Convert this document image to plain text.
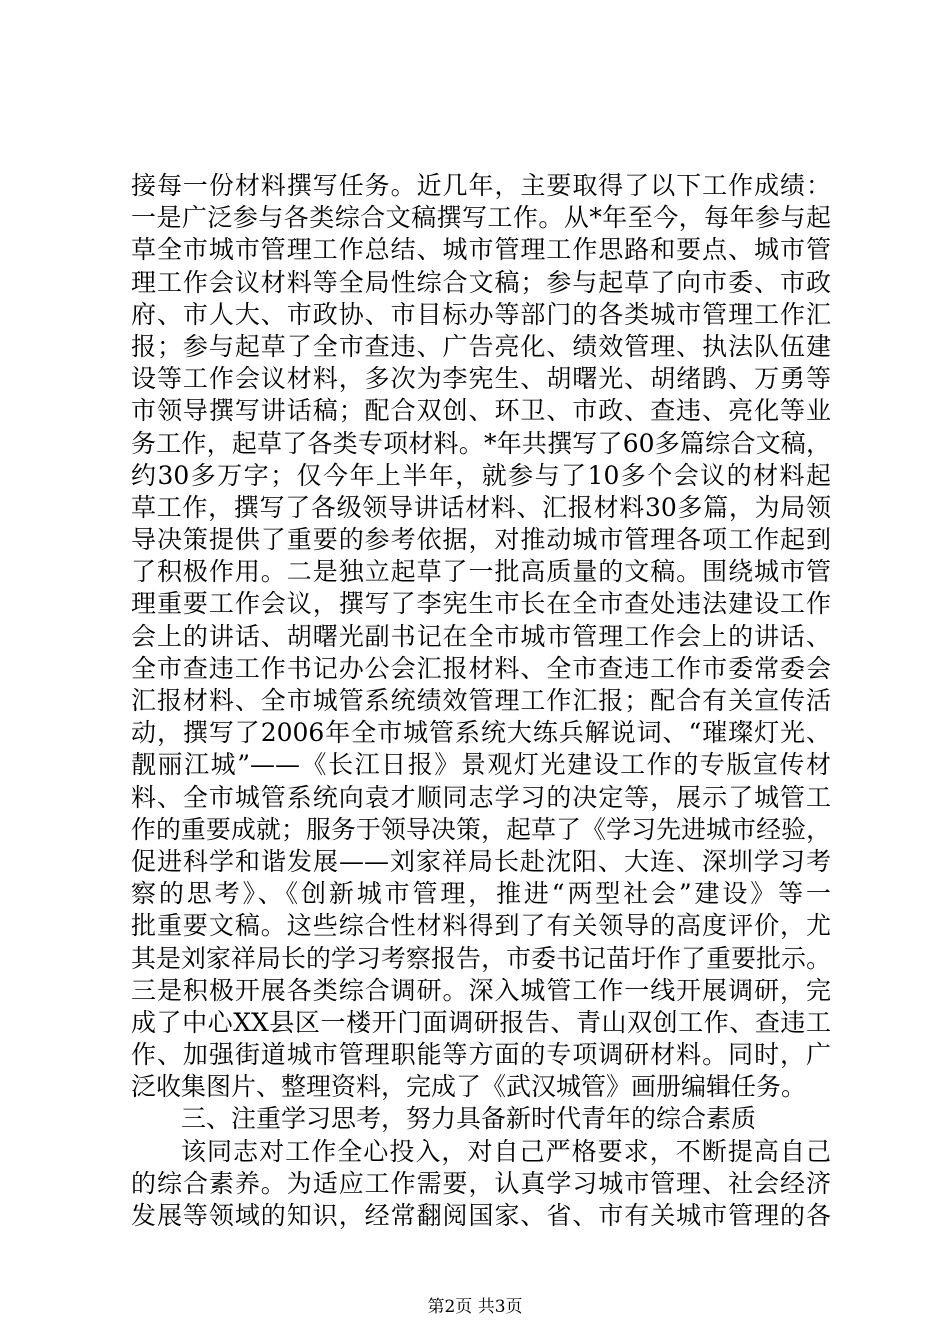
接每一份材料撰写任务。近几年，主要取得了以下工作成绩：
一是广泛参与各类综合文稿撰写工作。从*年至今，每年参与起
草全市城市管理工作总结、城市管理工作思路和要点、城市管
理工作会议材料等全局性综合文稿；参与起草了向市委、市政
府、市人大、市政协、市目标办等部门的各类城市管理工作汇
报；参与起草了全市查违、广告亮化、绩效管理、执法队伍建
设等工作会议材料，多次为李宪生、胡曙光、胡绪鹍、万勇等
市领导撰写讲话稿；配合双创、环卫、市政、查违、亮化等业
务工作，起草了各类专项材料。*年共撰写了60多篇综合文稿，
约30多万字；仅今年上半年，就参与了10多个会议的材料起
草工作，撰写了各级领导讲话材料、汇报材料30多篇，为局领
导决策提供了重要的参考依据，对推动城市管理各项工作起到
了积极作用。二是独立起草了一批高质量的文稿。围绕城市管
理重要工作会议，撰写了李宪生市长在全市查处违法建设工作
会上的讲话、胡曙光副书记在全市城市管理工作会上的讲话、
全市查违工作书记办公会汇报材料、全市查违工作市委常委会
汇报材料、全市城管系统绩效管理工作汇报；配合有关宣传活
动，撰写了2006年全市城管系统大练兵解说词、“璀璨灯光、
靓丽江城”——《长江日报》景观灯光建设工作的专版宣传材
料、全市城管系统向袁才顺同志学习的决定等，展示了城管工
作的重要成就；服务于领导决策，起草了《学习先进城市经验，
促进科学和谐发展——刘家祥局长赴沈阳、大连、深圳学习考
察的思考》、《创新城市管理，推进“两型社会”建设》等一
批重要文稿。这些综合性材料得到了有关领导的高度评价，尤
其是刘家祥局长的学习考察报告，市委书记苗圩作了重要批示。
三是积极开展各类综合调研。深入城管工作一线开展调研，完
成了中心XX县区一楼开门面调研报告、青山双创工作、查违工
作、加强街道城市管理职能等方面的专项调研材料。同时，广
泛收集图片、整理资料，完成了《武汉城管》画册编辑任务。
三、注重学习思考，努力具备新时代青年的综合素质
该同志对工作全心投入，对自己严格要求，不断提高自己
的综合素养。为适应工作需要，认真学习城市管理、社会经济
发展等领域的知识，经常翻阅国家、省、市有关城市管理的各
第2页 共3页
